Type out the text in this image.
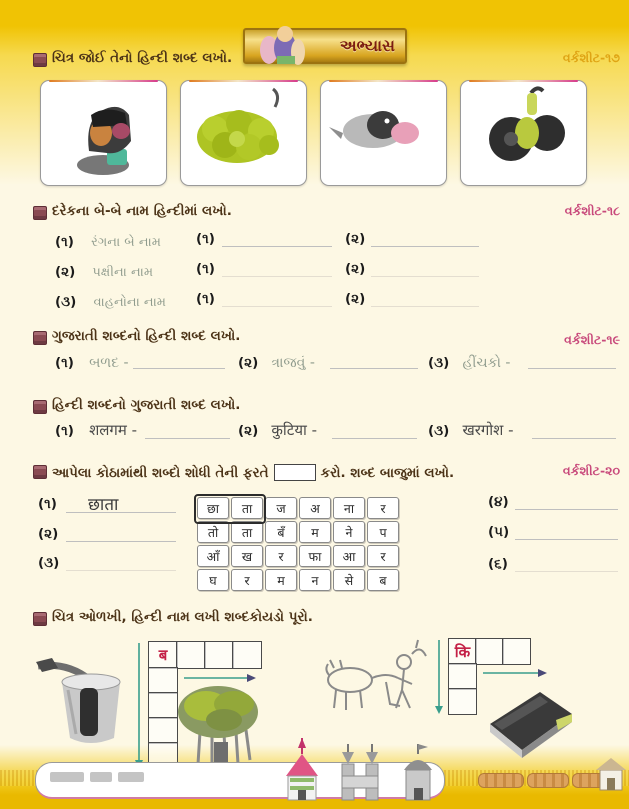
અભ્યાસ
ચિત્ર જોઈ તેનો હિન્દી શબ્દ લખો.	વર્કશીટ-૧૭
દરેકના બે-બે નામ હિન્દીમાં લખો.	વર્કશીટ-૧૮
(૧) રંગના બે નામ	(૧)	(૨)
(૨) પક્ષીના નામ	(૧)	(૨)
(૩) વાહનોના નામ (૧)	(૨)
ગુજરાતી શબ્દનો હિન્દી શબ્દ લખો.	વર્કશીટ-૧૯
(૧) બળદ -	(૨) ત્રાજવું -	(૩) હીંચકો -
હિન્દી શબ્દનો ગુજરાતી શબ્દ લખો.
(૧) शलगम -	(૨) कुटिया -	(૩) खरगोश -
આપેલા કોઠામાંથી શબ્દો શોધી તેની ફરતે	કરો. શબ્દ બાજુમાં લખો.	વર્કશીટ-૨૦
(૧) छाता
(૨)
(૩)
छा	ता	ज	अ	ना	र
तो	ता	बँ	म	ने	प
आँ	ख	र	फा	आ	र
घ	र	म	न	से	ब
(૪)
(૫)
(૬)
ચિત્ર ઓળખી, હિન્દી નામ લખી શબ્દકોયડો પૂરો.
ब	कि
